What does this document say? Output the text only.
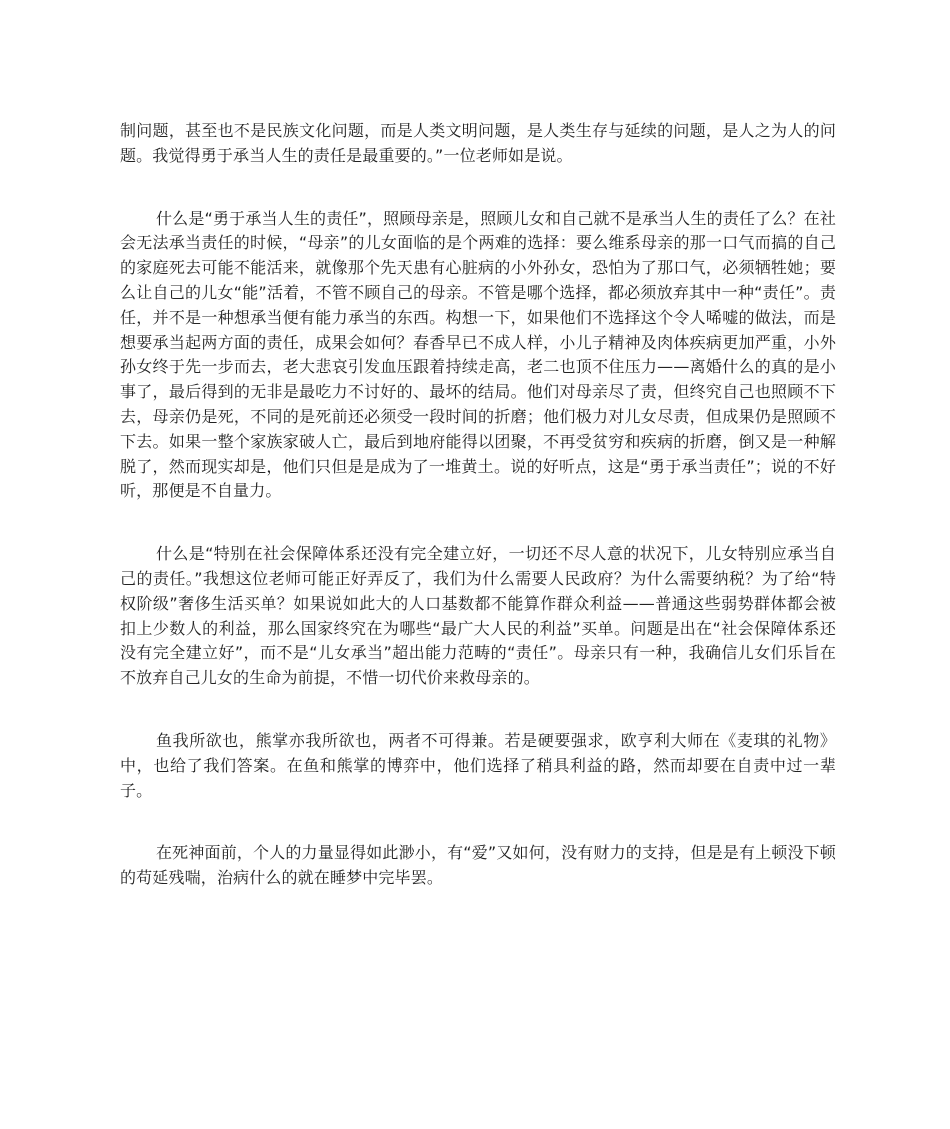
制问题，甚至也不是民族文化问题，而是人类文明问题，是人类生存与延续的问题，是人之为人的问题。我觉得勇于承当人生的责任是最重要的。”一位老师如是说。

什么是“勇于承当人生的责任”，照顾母亲是，照顾儿女和自己就不是承当人生的责任了么？在社会无法承当责任的时候，“母亲”的儿女面临的是个两难的选择：要么维系母亲的那一口气而搞的自己的家庭死去可能不能活来，就像那个先天患有心脏病的小外孙女，恐怕为了那口气，必须牺牲她；要么让自己的儿女“能”活着，不管不顾自己的母亲。不管是哪个选择，都必须放弃其中一种“责任”。责任，并不是一种想承当便有能力承当的东西。构想一下，如果他们不选择这个令人唏嘘的做法，而是想要承当起两方面的责任，成果会如何？春香早已不成人样，小儿子精神及肉体疾病更加严重，小外孙女终于先一步而去，老大悲哀引发血压跟着持续走高，老二也顶不住压力——离婚什么的真的是小事了，最后得到的无非是最吃力不讨好的、最坏的结局。他们对母亲尽了责，但终究自己也照顾不下去，母亲仍是死，不同的是死前还必须受一段时间的折磨；他们极力对儿女尽责，但成果仍是照顾不下去。如果一整个家族家破人亡，最后到地府能得以团聚，不再受贫穷和疾病的折磨，倒又是一种解脱了，然而现实却是，他们只但是是成为了一堆黄土。说的好听点，这是“勇于承当责任”；说的不好听，那便是不自量力。

什么是“特别在社会保障体系还没有完全建立好，一切还不尽人意的状况下，儿女特别应承当自己的责任。”我想这位老师可能正好弄反了，我们为什么需要人民政府？为什么需要纳税？为了给“特权阶级”奢侈生活买单？如果说如此大的人口基数都不能算作群众利益——普通这些弱势群体都会被扣上少数人的利益，那么国家终究在为哪些“最广大人民的利益”买单。问题是出在“社会保障体系还没有完全建立好”，而不是“儿女承当”超出能力范畴的“责任”。母亲只有一种，我确信儿女们乐旨在不放弃自己儿女的生命为前提，不惜一切代价来救母亲的。

鱼我所欲也，熊掌亦我所欲也，两者不可得兼。若是硬要强求，欧亨利大师在《麦琪的礼物》中，也给了我们答案。在鱼和熊掌的博弈中，他们选择了稍具利益的路，然而却要在自责中过一辈子。

在死神面前，个人的力量显得如此渺小，有“爱”又如何，没有财力的支持，但是是有上顿没下顿的苟延残喘，治病什么的就在睡梦中完毕罢。
